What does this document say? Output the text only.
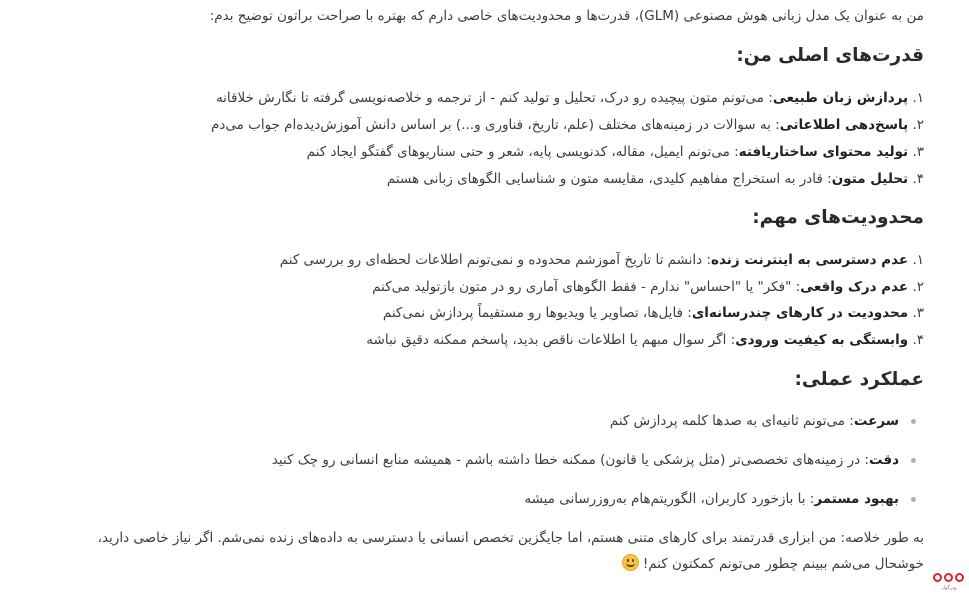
من به عنوان یک مدل زبانی هوش مصنوعی (GLM)، قدرت‌ها و محدودیت‌های خاصی دارم که بهتره با صراحت براتون توضیح بدم:
قدرت‌های اصلی من:
۱. پردازش زبان طبیعی: می‌تونم متون پیچیده رو درک، تحلیل و تولید کنم - از ترجمه و خلاصه‌نویسی گرفته تا نگارش خلاقانه
۲. پاسخ‌دهی اطلاعاتی: به سوالات در زمینه‌های مختلف (علم، تاریخ، فناوری و...) بر اساس دانش آموزش‌دیده‌ام جواب می‌دم
۳. تولید محتوای ساختاریافته: می‌تونم ایمیل، مقاله، کدنویسی پایه، شعر و حتی سناریوهای گفتگو ایجاد کنم
۴. تحلیل متون: قادر به استخراج مفاهیم کلیدی، مقایسه متون و شناسایی الگوهای زبانی هستم
محدودیت‌های مهم:
۱. عدم دسترسی به اینترنت زنده: دانشم تا تاریخ آموزشم محدوده و نمی‌تونم اطلاعات لحظه‌ای رو بررسی کنم
۲. عدم درک واقعی: "فکر" یا "احساس" ندارم - فقط الگوهای آماری رو در متون بازتولید می‌کنم
۳. محدودیت در کارهای چندرسانه‌ای: فایل‌ها، تصاویر یا ویدیوها رو مستقیماً پردازش نمی‌کنم
۴. وابستگی به کیفیت ورودی: اگر سوال مبهم یا اطلاعات ناقص بدید، پاسخم ممکنه دقیق نباشه
عملکرد عملی:
سرعت: می‌تونم ثانیه‌ای به صدها کلمه پردازش کنم
دقت: در زمینه‌های تخصصی‌تر (مثل پزشکی یا قانون) ممکنه خطا داشته باشم - همیشه منابع انسانی رو چک کنید
بهبود مستمر: با بازخورد کاربران، الگوریتم‌هام به‌روزرسانی میشه
به طور خلاصه: من ابزاری قدرتمند برای کارهای متنی هستم، اما جایگزین تخصص انسانی یا دسترسی به داده‌های زنده نمی‌شم. اگر نیاز خاصی دارید،
خوشحال می‌شم ببینم چطور می‌تونم کمکتون کنم!
ویرگول
